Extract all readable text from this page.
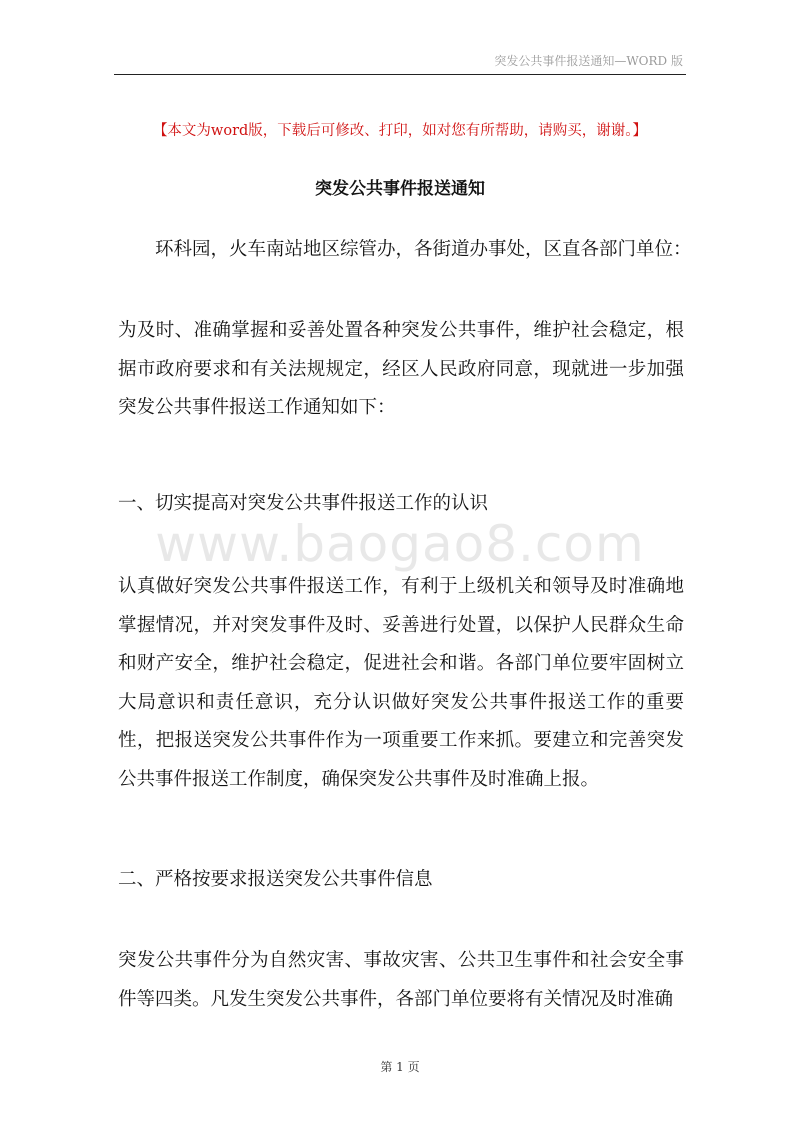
突发公共事件报送通知—WORD 版
【本文为word版，下载后可修改、打印，如对您有所帮助，请购买，谢谢。】
突发公共事件报送通知

环科园，火车南站地区综管办，各街道办事处，区直各部门单位：

为及时、准确掌握和妥善处置各种突发公共事件，维护社会稳定，根据市政府要求和有关法规规定，经区人民政府同意，现就进一步加强突发公共事件报送工作通知如下：

一、切实提高对突发公共事件报送工作的认识

www.baogao8.com

认真做好突发公共事件报送工作，有利于上级机关和领导及时准确地掌握情况，并对突发事件及时、妥善进行处置，以保护人民群众生命和财产安全，维护社会稳定，促进社会和谐。各部门单位要牢固树立大局意识和责任意识，充分认识做好突发公共事件报送工作的重要性，把报送突发公共事件作为一项重要工作来抓。要建立和完善突发公共事件报送工作制度，确保突发公共事件及时准确上报。

二、严格按要求报送突发公共事件信息

突发公共事件分为自然灾害、事故灾害、公共卫生事件和社会安全事件等四类。凡发生突发公共事件，各部门单位要将有关情况及时准确

第 1 页
